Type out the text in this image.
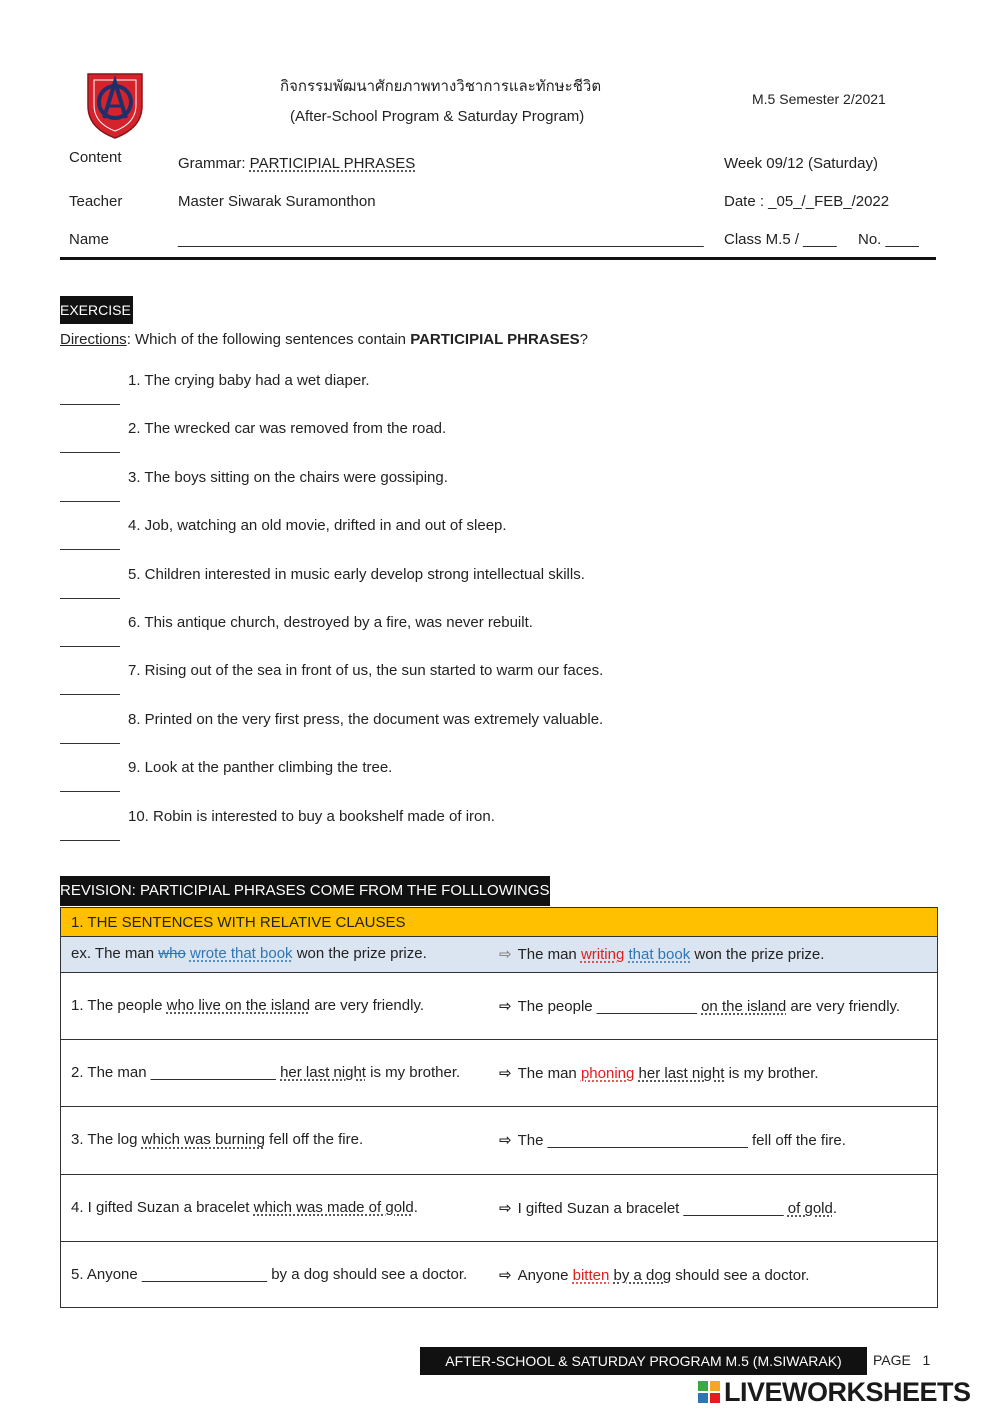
กิจกรรมพัฒนาศักยภาพทางวิชาการและทักษะชีวิต
(After-School Program & Saturday Program)
M.5 Semester 2/2021
Content	Grammar: PARTICIPIAL PHRASES	Week 09/12 (Saturday)
Teacher	Master Siwarak Suramonthon	Date : _05_/_FEB_/2022
Name	_______________________________________________________________ Class M.5 / ____ No. ____
EXERCISE
Directions: Which of the following sentences contain PARTICIPIAL PHRASES?
1. The crying baby had a wet diaper.
2. The wrecked car was removed from the road.
3. The boys sitting on the chairs were gossiping.
4. Job, watching an old movie, drifted in and out of sleep.
5. Children interested in music early develop strong intellectual skills.
6. This antique church, destroyed by a fire, was never rebuilt.
7. Rising out of the sea in front of us, the sun started to warm our faces.
8. Printed on the very first press, the document was extremely valuable.
9. Look at the panther climbing the tree.
10. Robin is interested to buy a bookshelf made of iron.
REVISION: PARTICIPIAL PHRASES COME FROM THE FOLLLOWINGS:
1. THE SENTENCES WITH RELATIVE CLAUSES
ex. The man who wrote that book won the prize prize.	⇨ The man writing that book won the prize prize.
1. The people who live on the island are very friendly.	⇨ The people ____________ on the island are very friendly.
2. The man _______________ her last night is my brother.	⇨ The man phoning her last night is my brother.
3. The log which was burning fell off the fire.	⇨ The ________________________ fell off the fire.
4. I gifted Suzan a bracelet which was made of gold.	⇨ I gifted Suzan a bracelet ____________ of gold.
5. Anyone _______________ by a dog should see a doctor. ⇨ Anyone bitten by a dog should see a doctor.
AFTER-SCHOOL & SATURDAY PROGRAM M.5 (M.SIWARAK)	PAGE 1
LIVEWORKSHEETS
